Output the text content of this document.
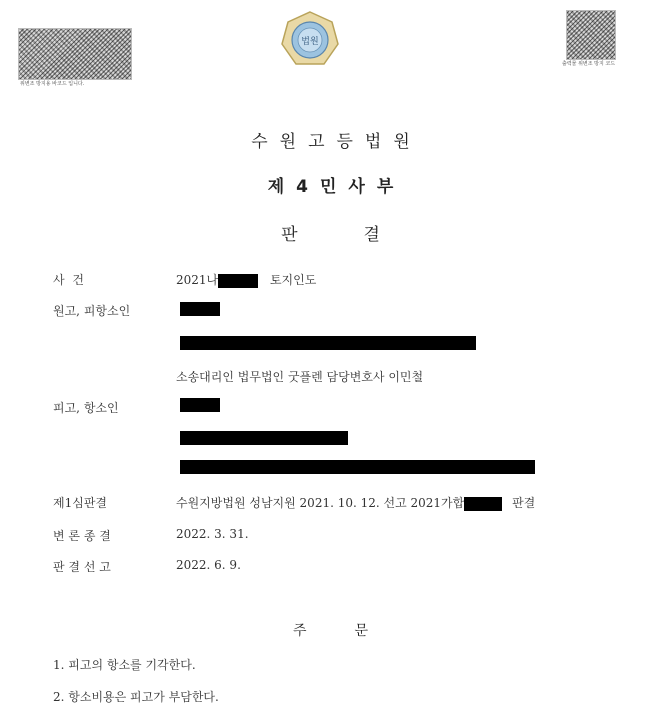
위변조 방지용 바코드 입니다.
출력물 위변조 방지 코드
법원
수원고등법원
제4민사부
판결
사 건	2021나	토지인도
원고, 피항소인
소송대리인 법무법인 굿플렌 담당변호사 이민철
피고, 항소인
제1심판결	수원지방법원 성남지원 2021. 10. 12. 선고 2021가합	판결
변 론 종 결	2022. 3. 31.
판 결 선 고	2022. 6. 9.
주문
1. 피고의 항소를 기각한다.
2. 항소비용은 피고가 부담한다.
